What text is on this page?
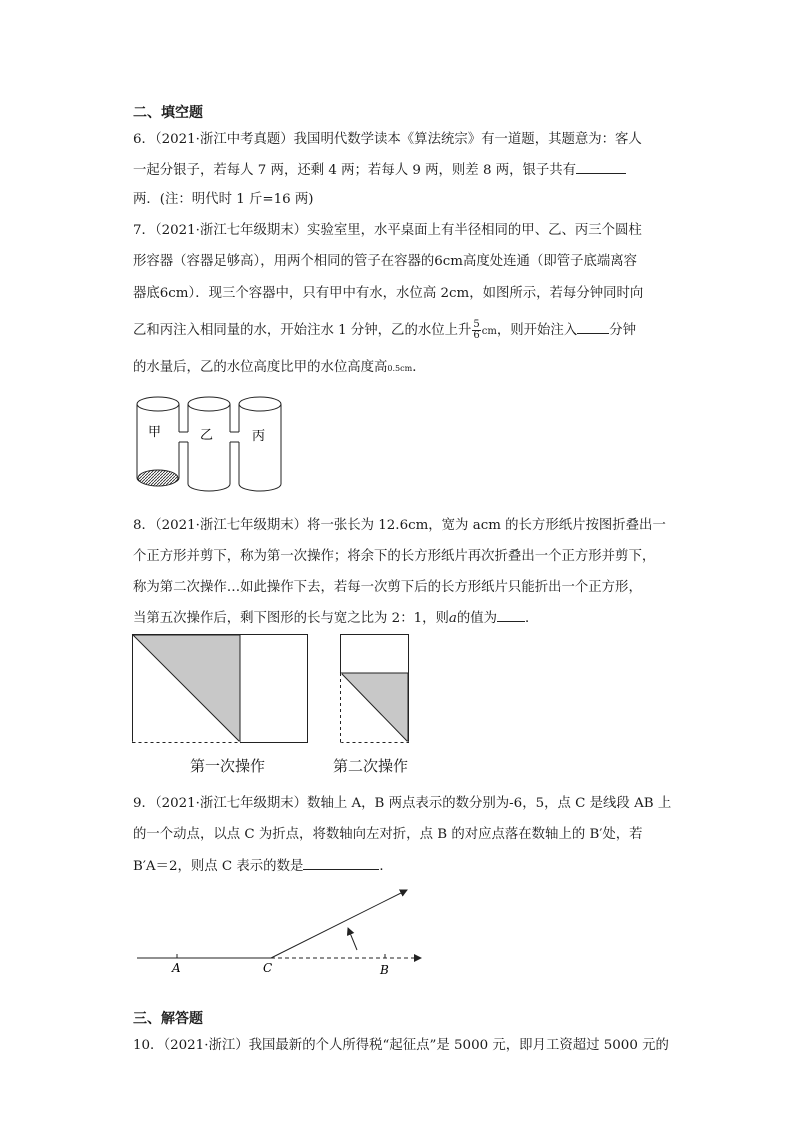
二、填空题
6．（2021·浙江中考真题）我国明代数学读本《算法统宗》有一道题，其题意为：客人
一起分银子，若每人 7 两，还剩 4 两；若每人 9 两，则差 8 两，银子共有
两．(注：明代时 1 斤=16 两)
7．（2021·浙江七年级期末）实验室里，水平桌面上有半径相同的甲、乙、丙三个圆柱
形容器（容器足够高），用两个相同的管子在容器的6cm高度处连通（即管子底端离容
器底6cm）．现三个容器中，只有甲中有水，水位高 2cm，如图所示，若每分钟同时向
乙和丙注入相同量的水，开始注水 1 分钟，乙的水位上升 $\frac{5}{6}$ cm，则开始注入 分钟
的水量后，乙的水位高度比甲的水位高度高0.5cm．
甲	乙	丙
8．（2021·浙江七年级期末）将一张长为 12.6cm，宽为 acm 的长方形纸片按图折叠出一
个正方形并剪下，称为第一次操作；将余下的长方形纸片再次折叠出一个正方形并剪下，
称为第二次操作…如此操作下去，若每一次剪下后的长方形纸片只能折出一个正方形，
当第五次操作后，剩下图形的长与宽之比为 2：1，则a的值为 ．
第一次操作	第二次操作
9．（2021·浙江七年级期末）数轴上 A，B 两点表示的数分别为-6，5，点 C 是线段 AB 上
的一个动点，以点 C 为折点，将数轴向左对折，点 B 的对应点落在数轴上的 B′处，若
B′A＝2，则点 C 表示的数是	．
A	C	B
三、解答题
10．（2021·浙江）我国最新的个人所得税“起征点”是 5000 元，即月工资超过 5000 元的
